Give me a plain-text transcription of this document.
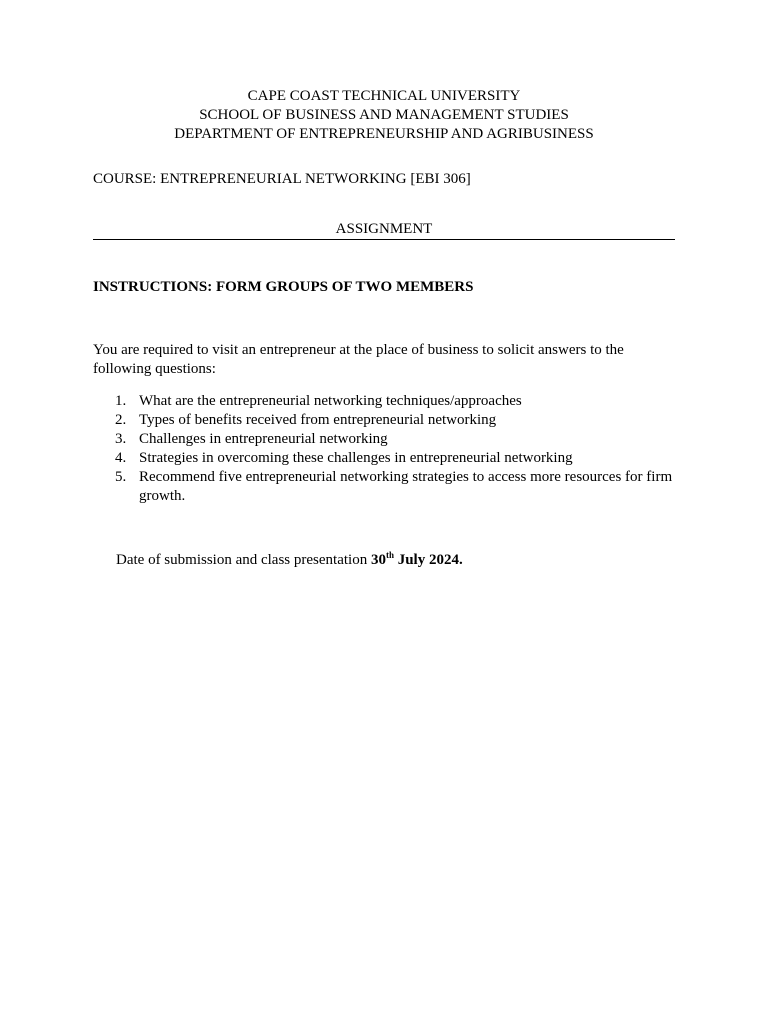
CAPE COAST TECHNICAL UNIVERSITY
SCHOOL OF BUSINESS AND MANAGEMENT STUDIES
DEPARTMENT OF ENTREPRENEURSHIP AND AGRIBUSINESS
COURSE: ENTREPRENEURIAL NETWORKING [EBI 306]
ASSIGNMENT
INSTRUCTIONS: FORM GROUPS OF TWO MEMBERS
You are required to visit an entrepreneur at the place of business to solicit answers to the following questions:
1. What are the entrepreneurial networking techniques/approaches
2. Types of benefits received from entrepreneurial networking
3. Challenges in entrepreneurial networking
4. Strategies in overcoming these challenges in entrepreneurial networking
5. Recommend five entrepreneurial networking strategies to access more resources for firm growth.
Date of submission and class presentation 30th July 2024.
